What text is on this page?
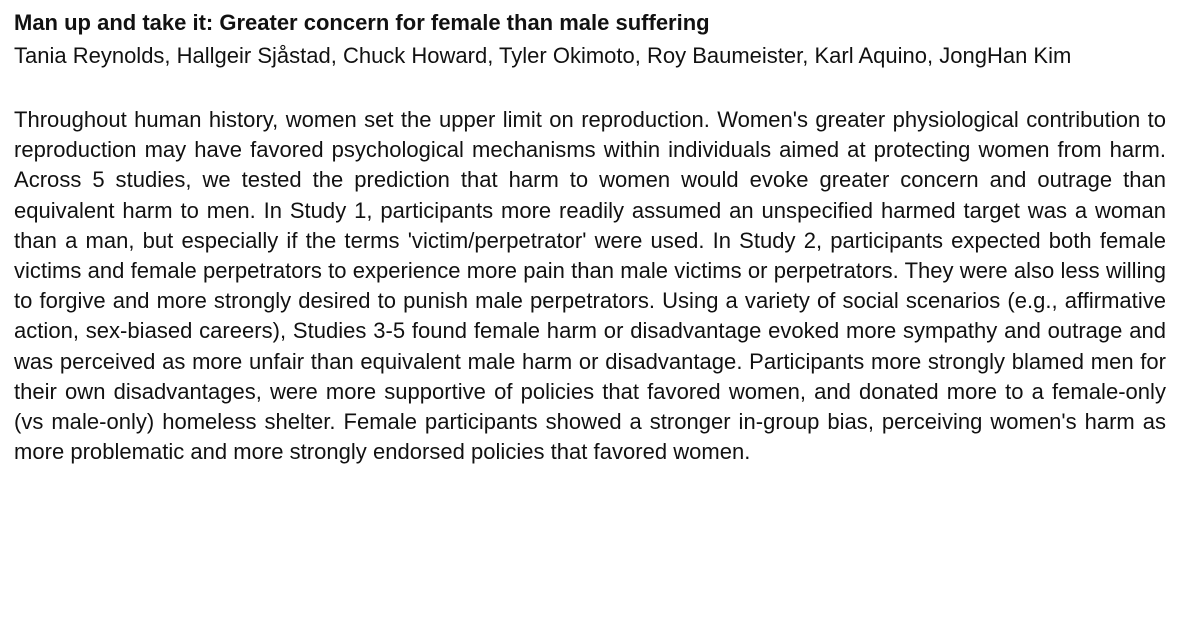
Man up and take it: Greater concern for female than male suffering

Tania Reynolds, Hallgeir Sjåstad, Chuck Howard, Tyler Okimoto, Roy Baumeister, Karl Aquino, JongHan Kim

Throughout human history, women set the upper limit on reproduction. Women's greater physiological contribution to reproduction may have favored psychological mechanisms within individuals aimed at protecting women from harm. Across 5 studies, we tested the prediction that harm to women would evoke greater concern and outrage than equivalent harm to men. In Study 1, participants more readily assumed an unspecified harmed target was a woman than a man, but especially if the terms 'victim/perpetrator' were used. In Study 2, participants expected both female victims and female perpetrators to experience more pain than male victims or perpetrators. They were also less willing to forgive and more strongly desired to punish male perpetrators. Using a variety of social scenarios (e.g., affirmative action, sex-biased careers), Studies 3-5 found female harm or disadvantage evoked more sympathy and outrage and was perceived as more unfair than equivalent male harm or disadvantage. Participants more strongly blamed men for their own disadvantages, were more supportive of policies that favored women, and donated more to a female-only (vs male-only) homeless shelter. Female participants showed a stronger in-group bias, perceiving women's harm as more problematic and more strongly endorsed policies that favored women.
